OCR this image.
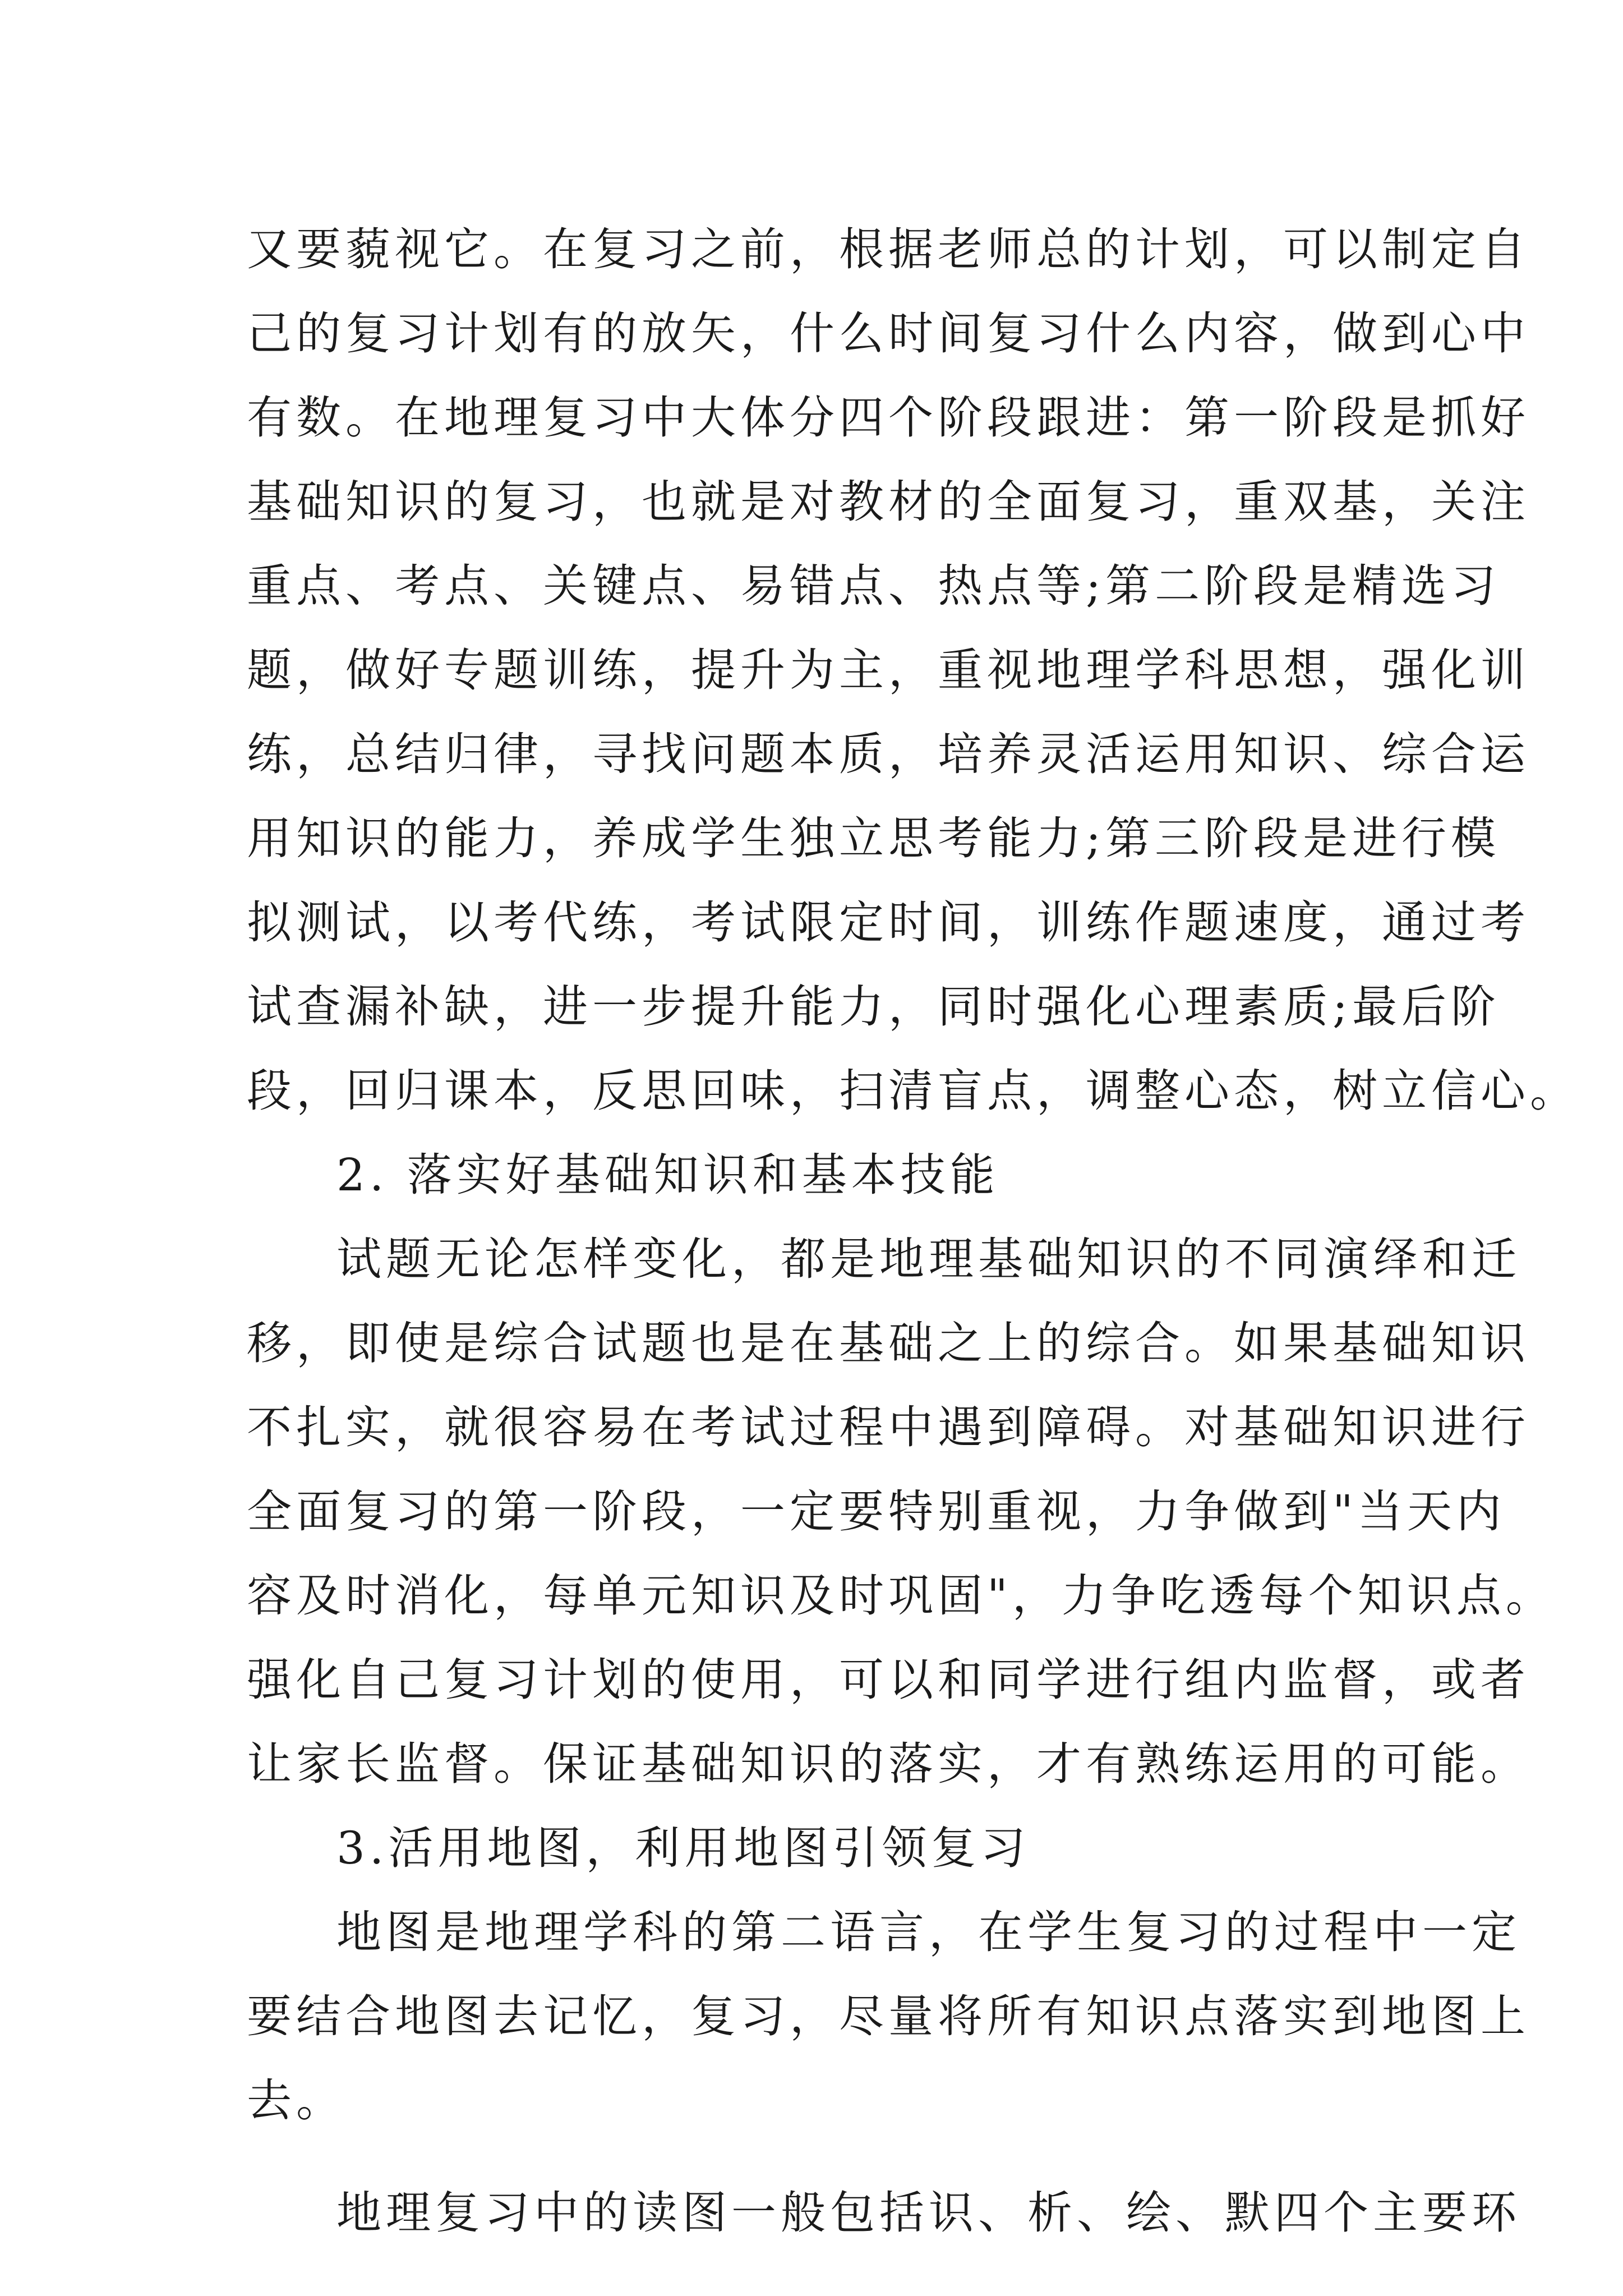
又要藐视它。在复习之前，根据老师总的计划，可以制定自
己的复习计划有的放矢，什么时间复习什么内容，做到心中
有数。在地理复习中大体分四个阶段跟进：第一阶段是抓好
基础知识的复习，也就是对教材的全面复习，重双基，关注
重点、考点、关键点、易错点、热点等;第二阶段是精选习
题，做好专题训练，提升为主，重视地理学科思想，强化训
练，总结归律，寻找问题本质，培养灵活运用知识、综合运
用知识的能力，养成学生独立思考能力;第三阶段是进行模
拟测试，以考代练，考试限定时间，训练作题速度，通过考
试查漏补缺，进一步提升能力，同时强化心理素质;最后阶
段，回归课本，反思回味，扫清盲点，调整心态，树立信心。
2. 落实好基础知识和基本技能
试题无论怎样变化，都是地理基础知识的不同演绎和迁
移，即使是综合试题也是在基础之上的综合。如果基础知识
不扎实，就很容易在考试过程中遇到障碍。对基础知识进行
全面复习的第一阶段，一定要特别重视，力争做到"当天内
容及时消化，每单元知识及时巩固"，力争吃透每个知识点。
强化自己复习计划的使用，可以和同学进行组内监督，或者
让家长监督。保证基础知识的落实，才有熟练运用的可能。
3.活用地图，利用地图引领复习
地图是地理学科的第二语言，在学生复习的过程中一定
要结合地图去记忆，复习，尽量将所有知识点落实到地图上
去。
地理复习中的读图一般包括识、析、绘、默四个主要环
